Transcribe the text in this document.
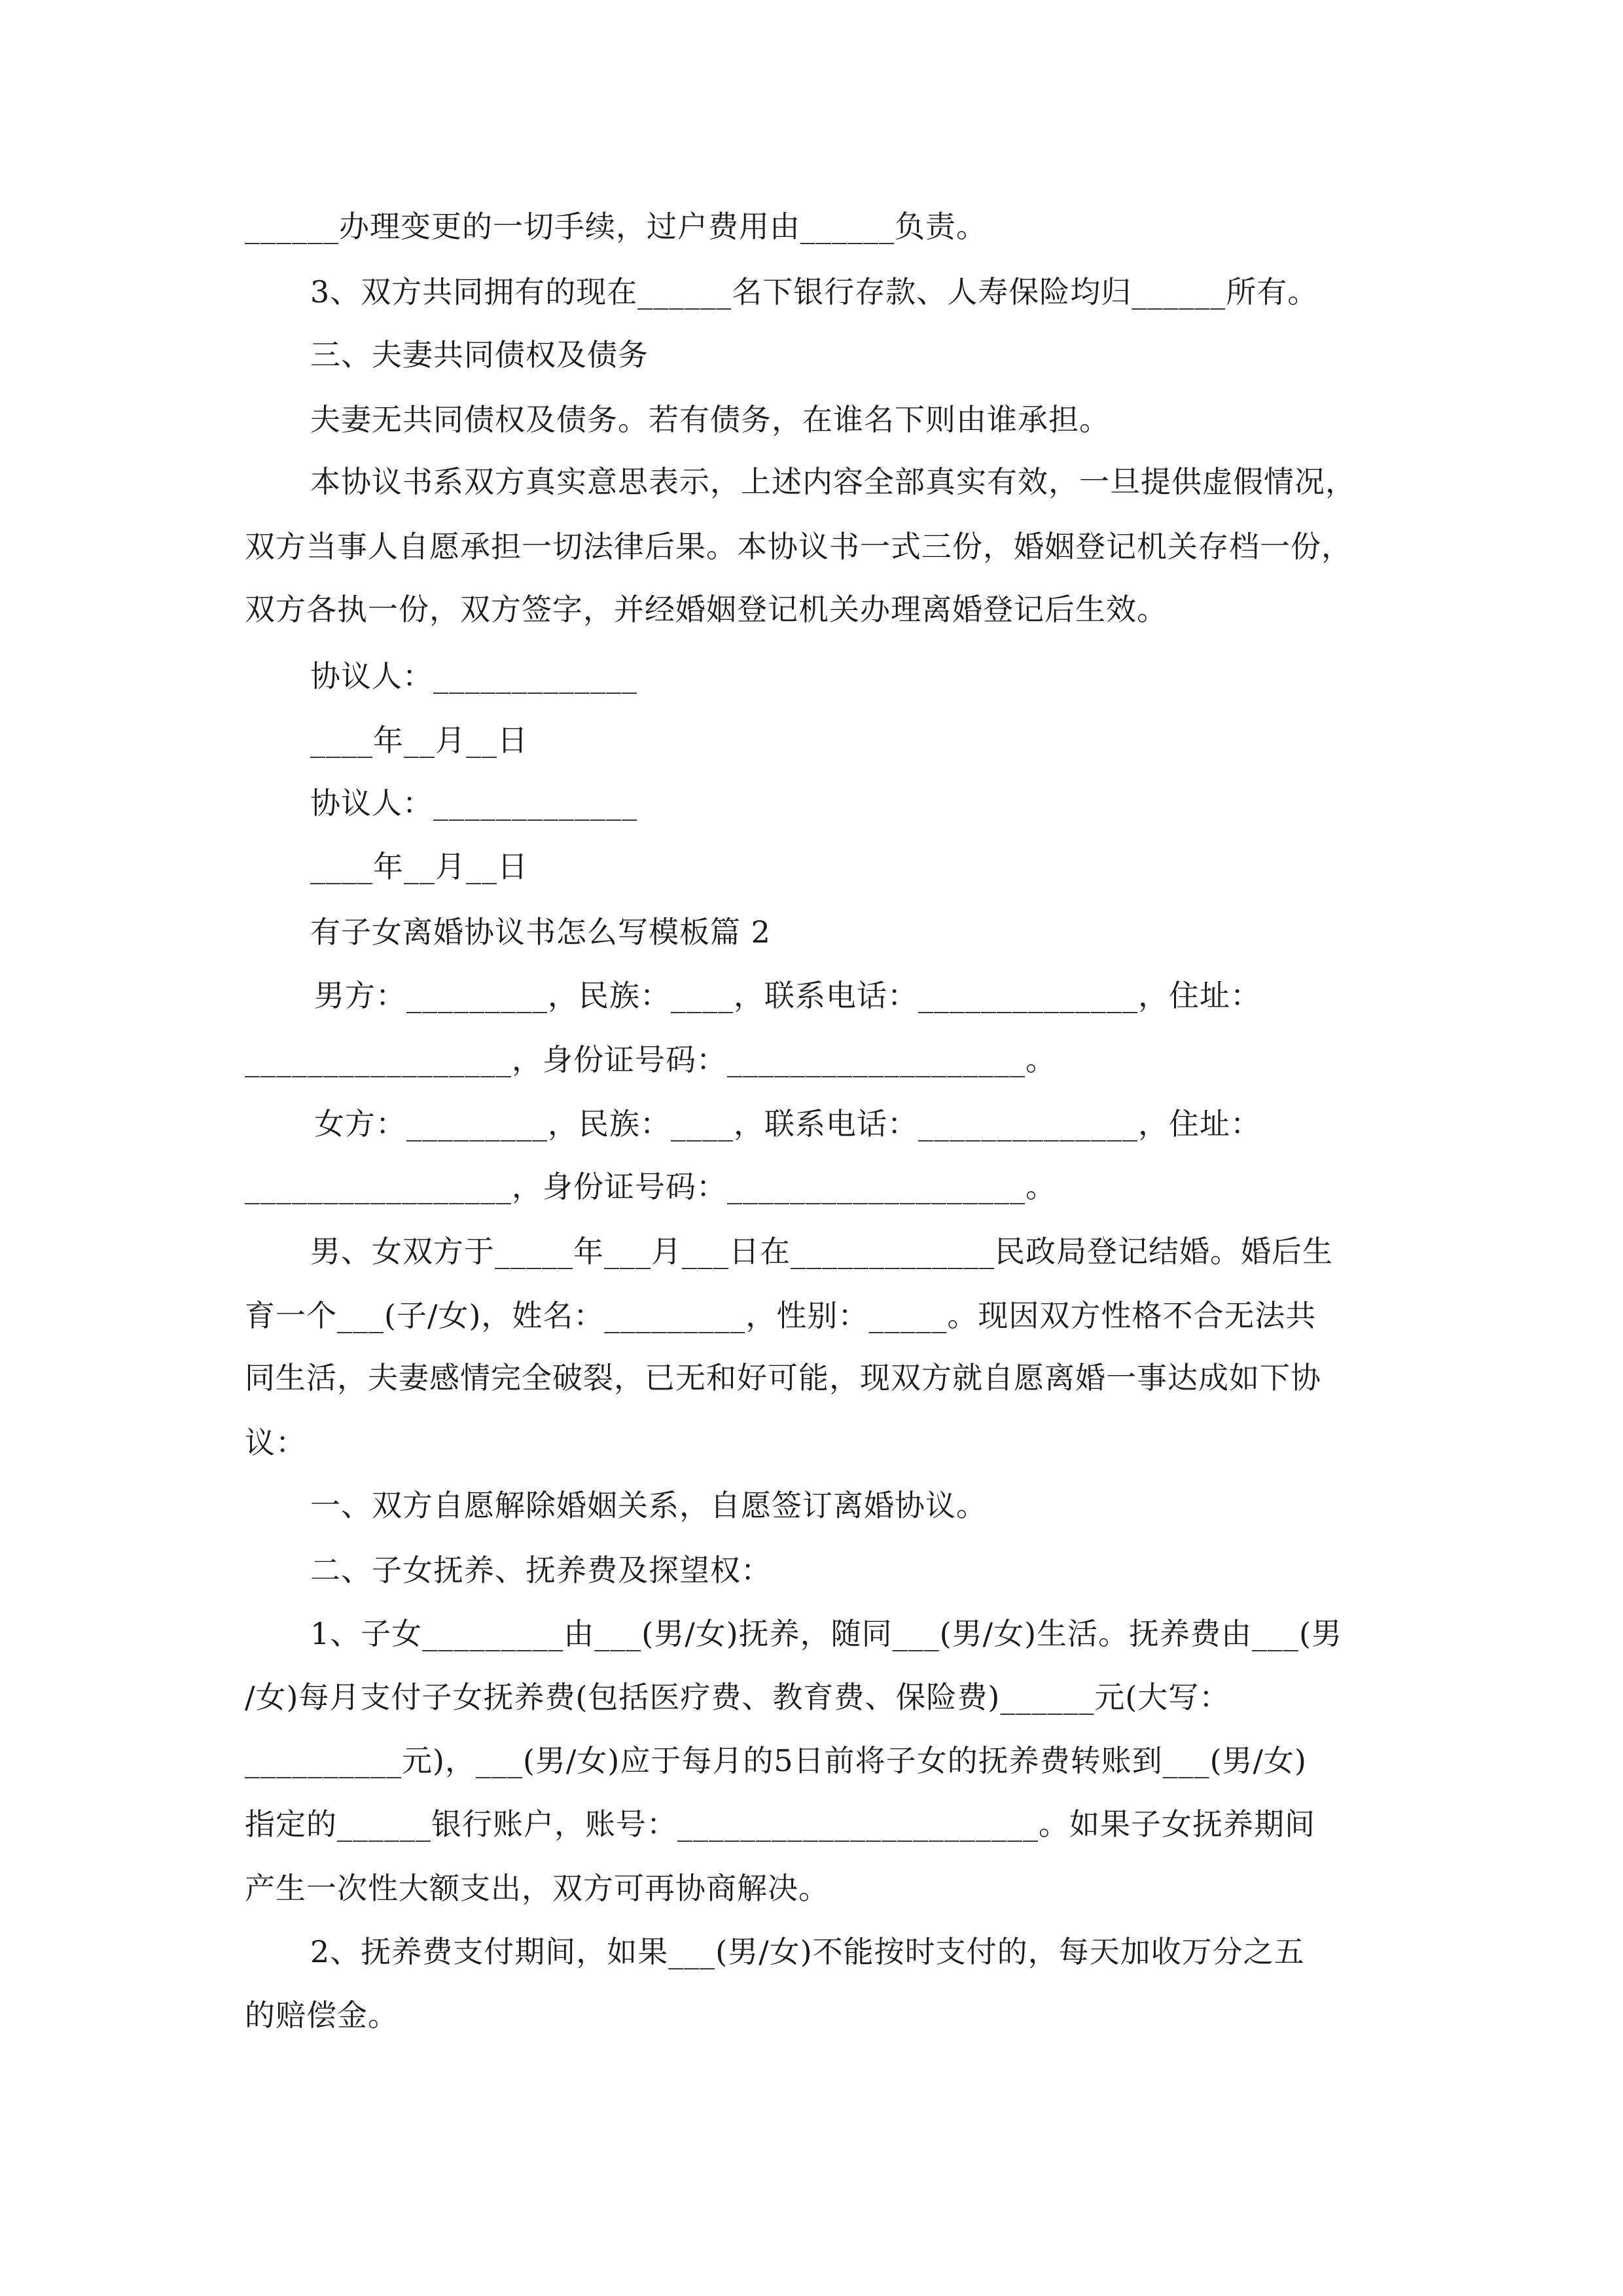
______办理变更的一切手续，过户费用由______负责。
3、双方共同拥有的现在______名下银行存款、人寿保险均归______所有。
三、夫妻共同债权及债务
夫妻无共同债权及债务。若有债务，在谁名下则由谁承担。
本协议书系双方真实意思表示，上述内容全部真实有效，一旦提供虚假情况，
双方当事人自愿承担一切法律后果。本协议书一式三份，婚姻登记机关存档一份，
双方各执一份，双方签字，并经婚姻登记机关办理离婚登记后生效。
协议人：_____________
____年__月__日
协议人：_____________
____年__月__日
有子女离婚协议书怎么写模板篇 2
男方：_________，民族：____，联系电话：______________，住址：
_________________，身份证号码：___________________。
女方：_________，民族：____，联系电话：______________，住址：
_________________，身份证号码：___________________。
男、女双方于_____年___月___日在_____________民政局登记结婚。婚后生
育一个___(子/女)，姓名：_________，性别：_____。现因双方性格不合无法共
同生活，夫妻感情完全破裂，已无和好可能，现双方就自愿离婚一事达成如下协
议：
一、双方自愿解除婚姻关系，自愿签订离婚协议。
二、子女抚养、抚养费及探望权：
1、子女_________由___(男/女)抚养，随同___(男/女)生活。抚养费由___(男
/女)每月支付子女抚养费(包括医疗费、教育费、保险费)______元(大写：
__________元)，___(男/女)应于每月的5日前将子女的抚养费转账到___(男/女)
指定的______银行账户，账号：_______________________。如果子女抚养期间
产生一次性大额支出，双方可再协商解决。
2、抚养费支付期间，如果___(男/女)不能按时支付的，每天加收万分之五
的赔偿金。
